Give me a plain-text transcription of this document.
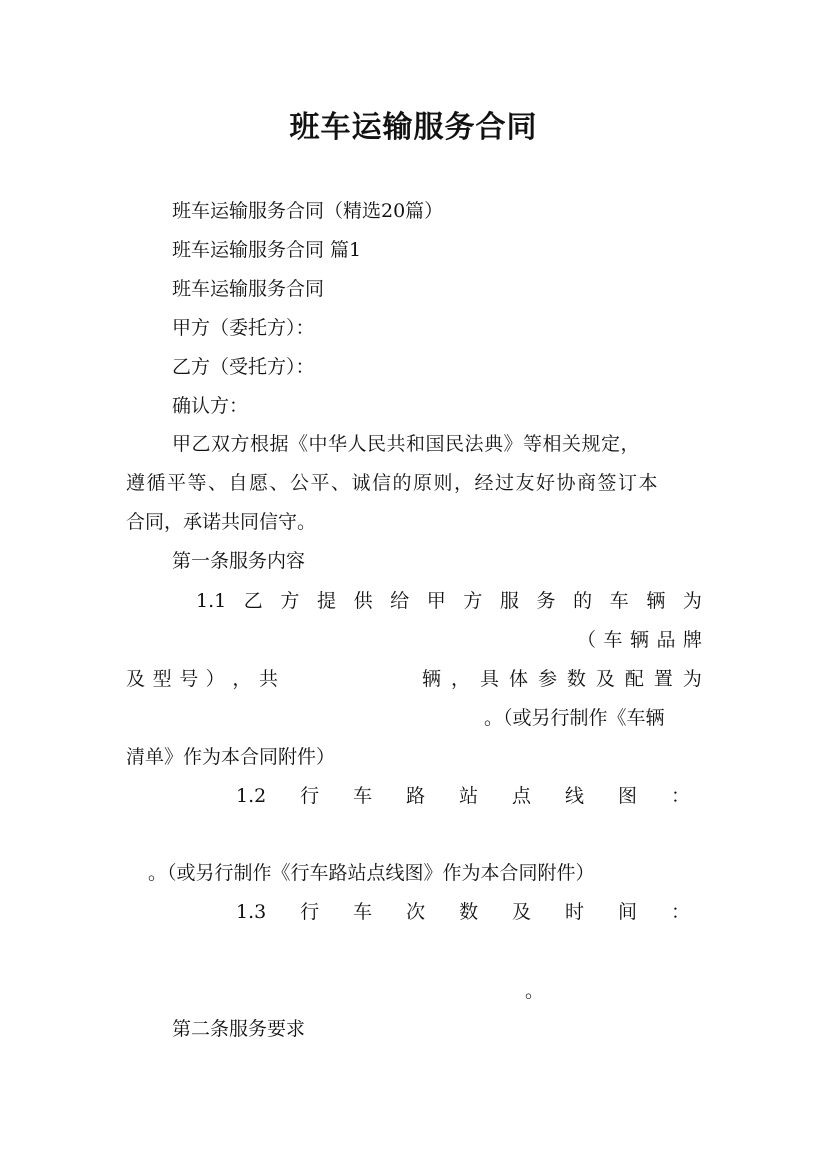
班车运输服务合同
班车运输服务合同（精选20篇）
班车运输服务合同 篇1
班车运输服务合同
甲方（委托方）：
乙方（受托方）：
确认方：
甲乙双方根据《中华人民共和国民法典》等相关规定，
遵循平等、自愿、公平、诚信的原则，经过友好协商签订本
合同，承诺共同信守。
第一条服务内容
1.1 乙 方 提 供 给 甲 方 服 务 的 车 辆 为
（ 车 辆 品 牌
及 型 号 ） ， 共	辆 ， 具 体 参 数 及 配 置 为
。（或另行制作《车辆
清单》作为本合同附件）
1.2 行 车 路 站 点 线 图 ：
。（或另行制作《行车路站点线图》作为本合同附件）
1.3 行 车 次 数 及 时 间 ：
。
第二条服务要求
